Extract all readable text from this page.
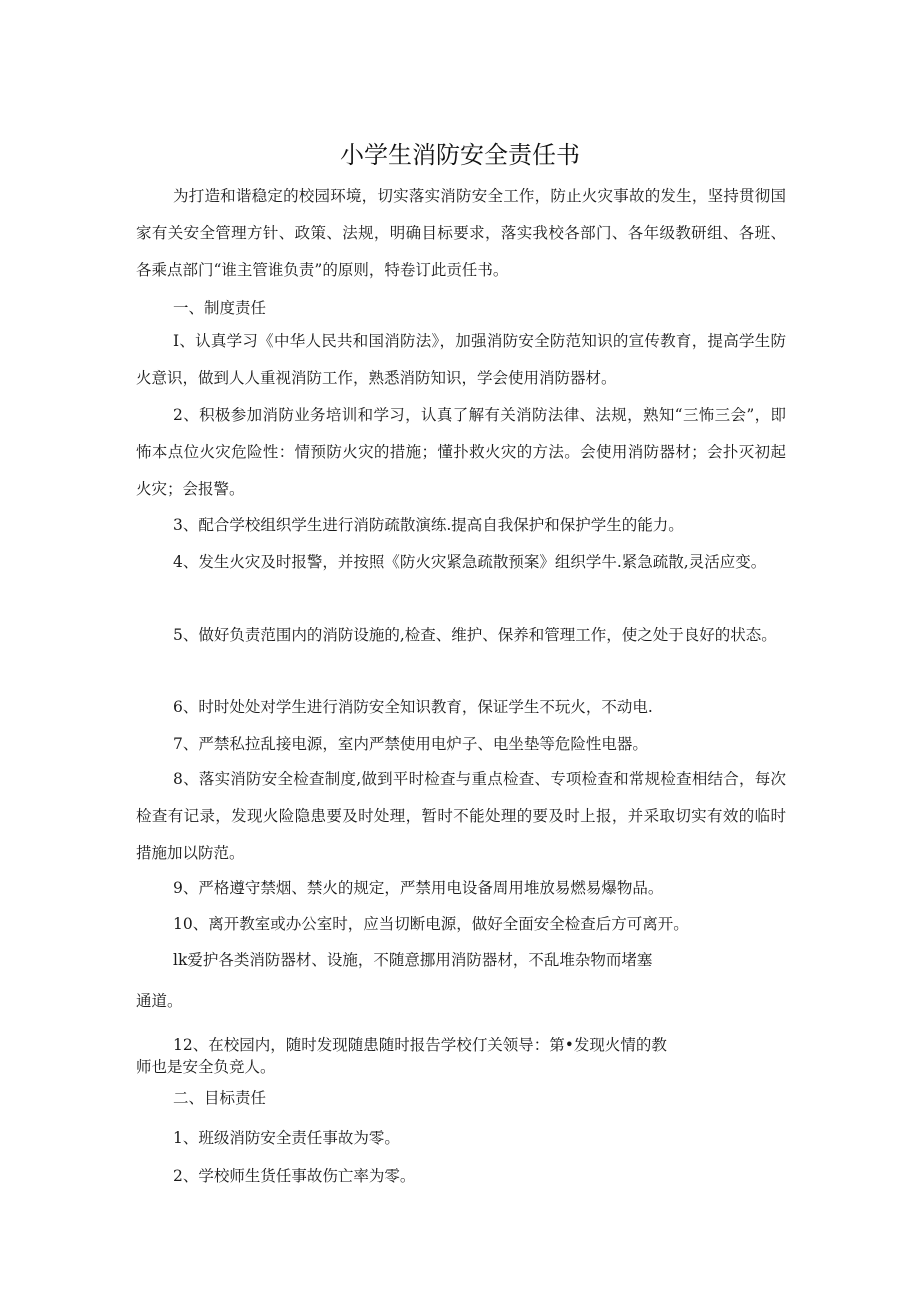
小学生消防安全责任书

为打造和谐稳定的校园环境，切实落实消防安全工作，防止火灾事故的发生，坚持贯彻国家有关安全管理方针、政策、法规，明确目标要求，落实我校各部门、各年级教研组、各班、各乘点部门“谁主管谁负责”的原则，特卷订此贡任书。

一、制度责任

I、认真学习《中华人民共和国消防法》，加强消防安全防范知识的宣传教育，提高学生防火意识，做到人人重视消防工作，熟悉消防知识，学会使用消防器材。

2、积极参加消防业务培训和学习，认真了解有关消防法律、法规，熟知“三怖三会”，即怖本点位火灾危险性：情预防火灾的措施；懂扑救火灾的方法。会使用消防器材；会扑灭初起火灾；会报警。

3、配合学校组织学生进行消防疏散演练.提高自我保护和保护学生的能力。

4、发生火灾及时报警，并按照《防火灾紧急疏散预案》组织学牛.紧急疏散,灵活应变。

5、做好负责范围内的消防设施的,检查、维护、保养和管理工作，使之处于良好的状态。

6、时时处处对学生进行消防安全知识教育，保证学生不玩火，不动电.

7、严禁私拉乱接电源，室内严禁使用电炉子、电坐垫等危险性电器。

8、落实消防安全检查制度,做到平时检查与重点检查、专项检查和常规检查相结合，每次检查有记录，发现火险隐患要及时处理，暂时不能处理的要及时上报，并采取切实有效的临时措施加以防范。

9、严格遵守禁烟、禁火的规定，严禁用电设备周用堆放易燃易爆物品。

10、离开教室或办公室时，应当切断电源，做好全面安全检查后方可离开。

lk爱护各类消防器材、设施，不随意挪用消防器材，不乱堆杂物而堵塞

通道。

12、在校园内，随时发现随患随时报告学校仃关领导：第•发现火情的教

师也是安全负竞人。

二、目标责任

1、班级消防安全责任事故为零。

2、学校师生货任事故伤亡率为零。
